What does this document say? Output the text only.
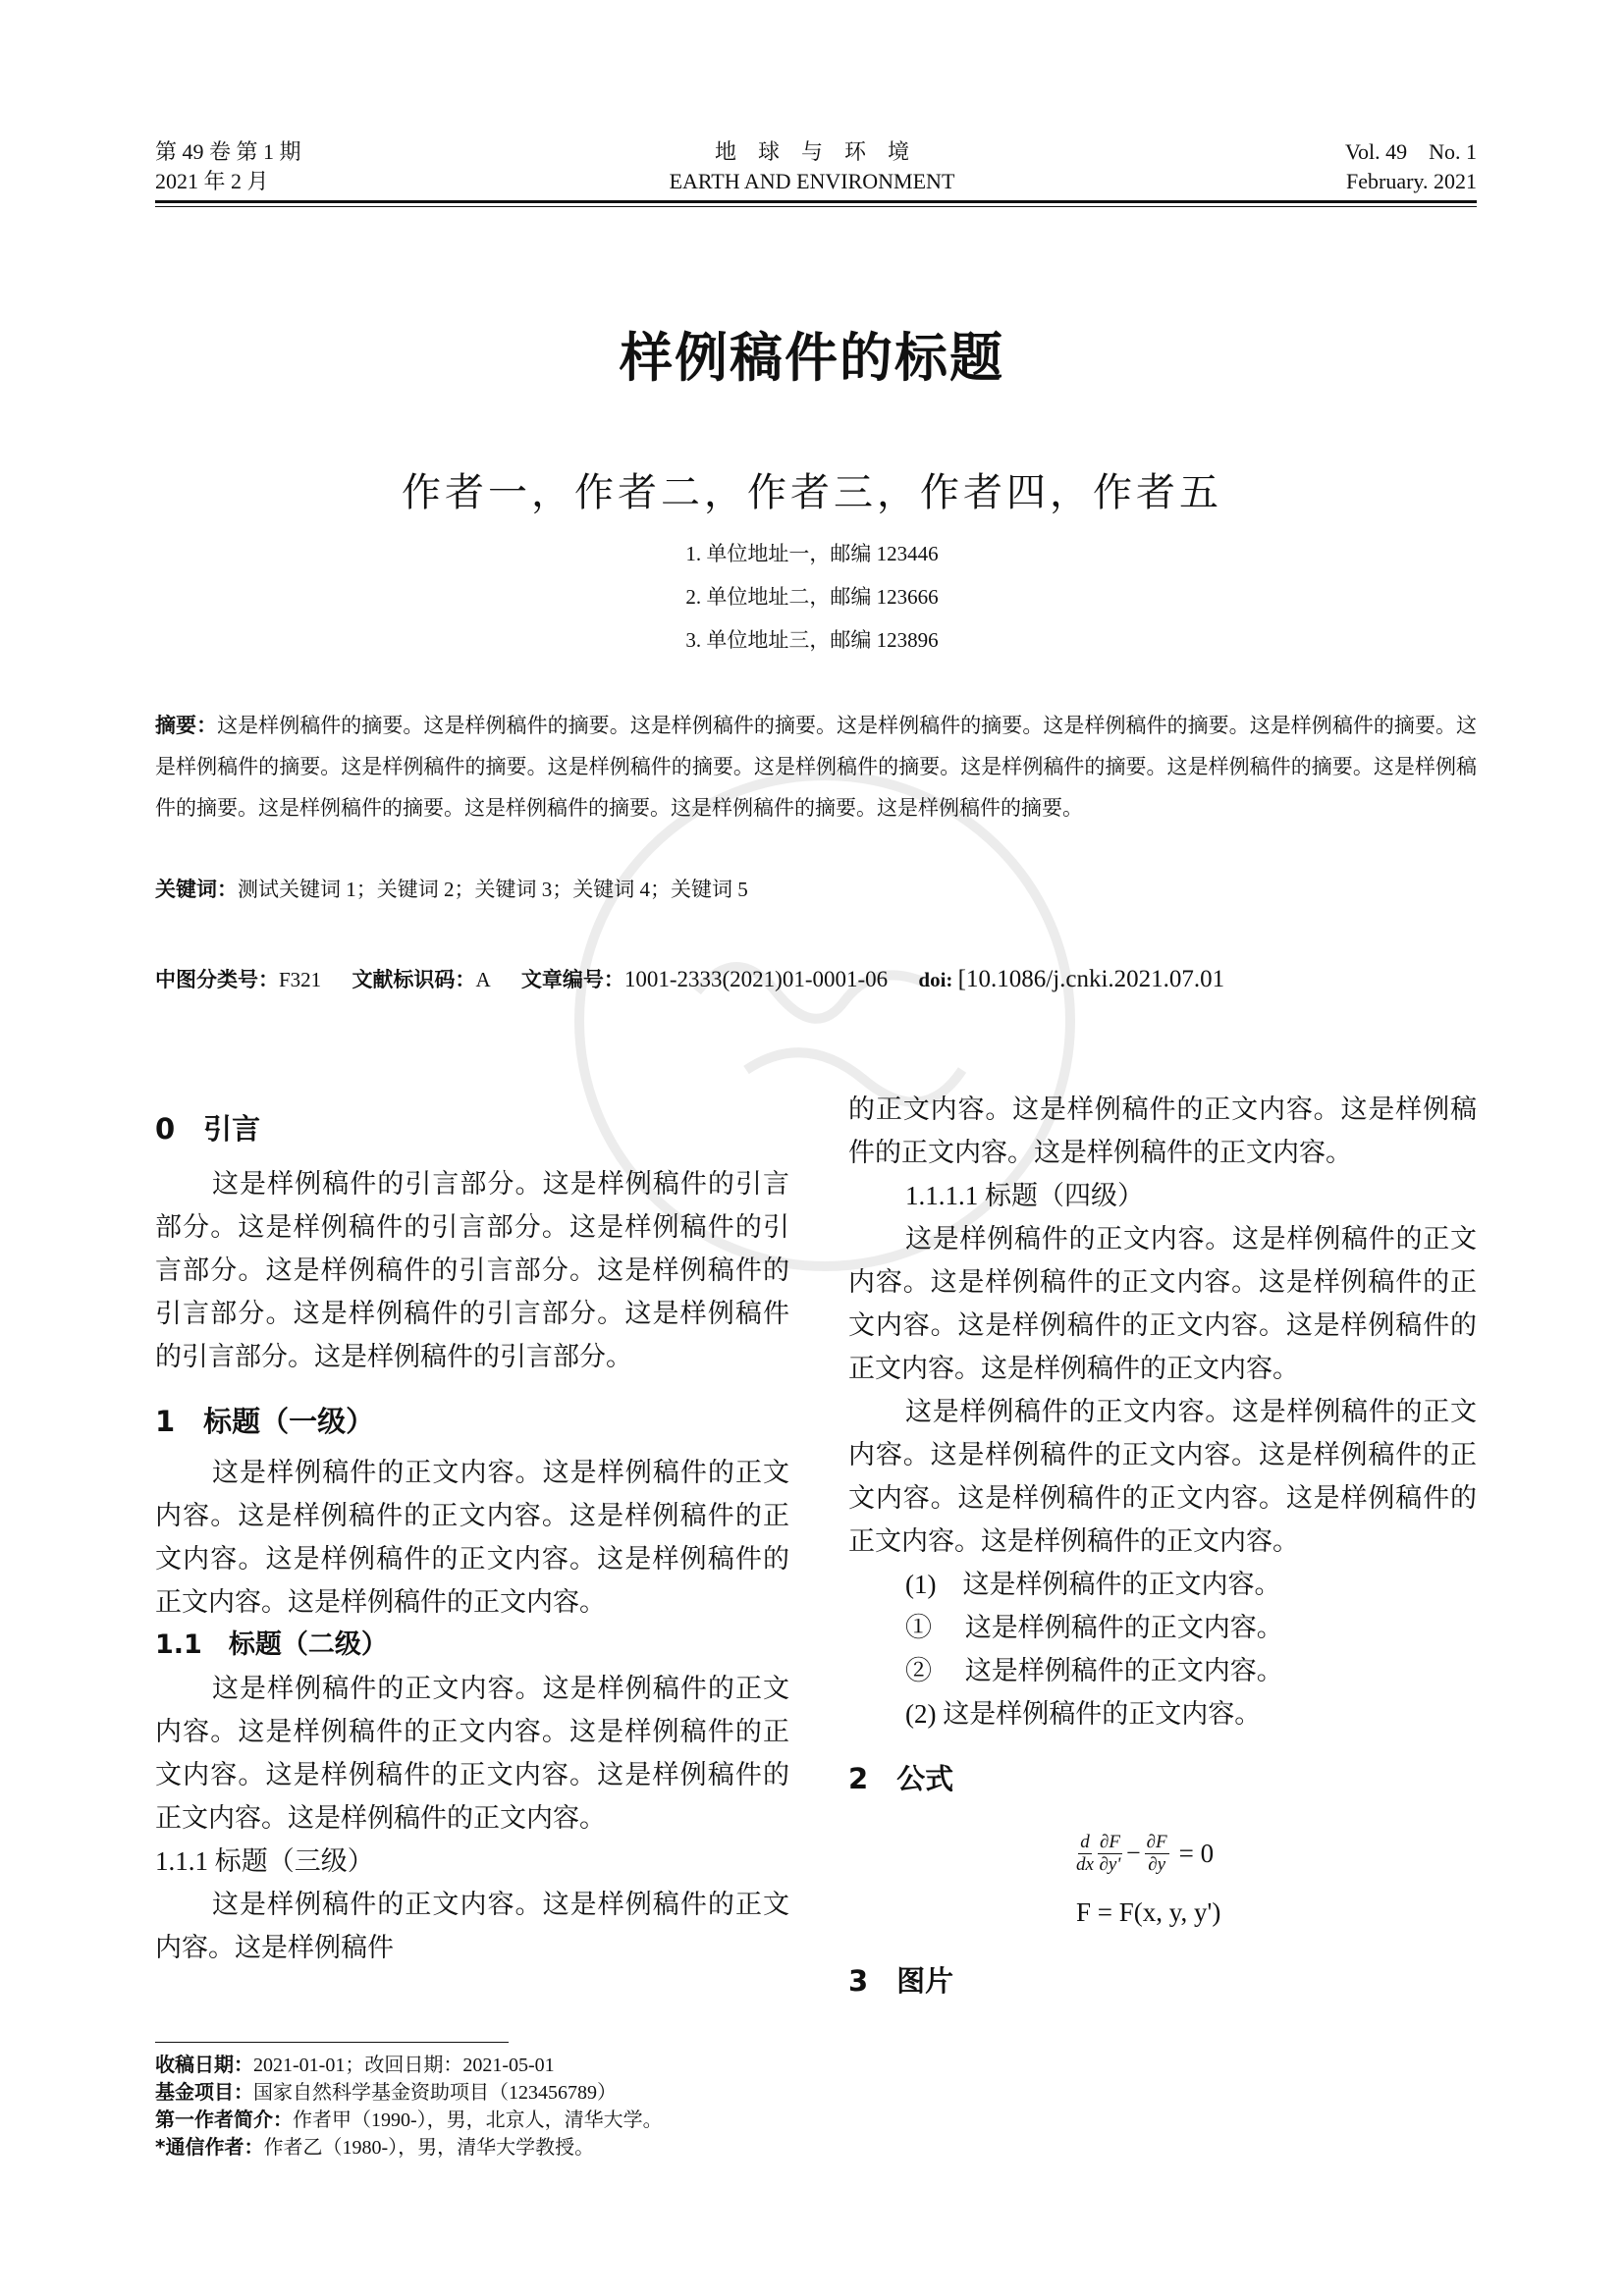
第 49 卷 第 1 期
2021 年 2 月
地　球　与　环　境
EARTH AND ENVIRONMENT
Vol. 49    No. 1
February. 2021
样例稿件的标题
作者一，作者二，作者三，作者四，作者五
1. 单位地址一，邮编 123446
2. 单位地址二，邮编 123666
3. 单位地址三，邮编 123896
摘要：这是样例稿件的摘要。这是样例稿件的摘要。这是样例稿件的摘要。这是样例稿件的摘要。这是样例稿件的摘要。这是样例稿件的摘要。这是样例稿件的摘要。这是样例稿件的摘要。这是样例稿件的摘要。这是样例稿件的摘要。这是样例稿件的摘要。这是样例稿件的摘要。这是样例稿件的摘要。这是样例稿件的摘要。这是样例稿件的摘要。这是样例稿件的摘要。这是样例稿件的摘要。
关键词：测试关键词 1；关键词 2；关键词 3；关键词 4；关键词 5
中图分类号：F321 文献标识码：A 文章编号：1001-2333(2021)01-0001-06 doi: [10.1086/j.cnki.2021.07.01
0　引言

这是样例稿件的引言部分。这是样例稿件的引言部分。这是样例稿件的引言部分。这是样例稿件的引言部分。这是样例稿件的引言部分。这是样例稿件的引言部分。这是样例稿件的引言部分。这是样例稿件的引言部分。这是样例稿件的引言部分。

1　标题（一级）

这是样例稿件的正文内容。这是样例稿件的正文内容。这是样例稿件的正文内容。这是样例稿件的正文内容。这是样例稿件的正文内容。这是样例稿件的正文内容。这是样例稿件的正文内容。

1.1　标题（二级）

这是样例稿件的正文内容。这是样例稿件的正文内容。这是样例稿件的正文内容。这是样例稿件的正文内容。这是样例稿件的正文内容。这是样例稿件的正文内容。这是样例稿件的正文内容。

1.1.1 标题（三级）

这是样例稿件的正文内容。这是样例稿件的正文内容。这是样例稿件

的正文内容。这是样例稿件的正文内容。这是样例稿件的正文内容。这是样例稿件的正文内容。

1.1.1.1 标题（四级）

这是样例稿件的正文内容。这是样例稿件的正文内容。这是样例稿件的正文内容。这是样例稿件的正文内容。这是样例稿件的正文内容。这是样例稿件的正文内容。这是样例稿件的正文内容。

这是样例稿件的正文内容。这是样例稿件的正文内容。这是样例稿件的正文内容。这是样例稿件的正文内容。这是样例稿件的正文内容。这是样例稿件的正文内容。这是样例稿件的正文内容。

(1)　这是样例稿件的正文内容。
①　 这是样例稿件的正文内容。
②　 这是样例稿件的正文内容。
(2) 这是样例稿件的正文内容。
2　公式
$\frac{d}{dx} \frac{\partial F}{\partial y'} - \frac{\partial F}{\partial y} = 0$
F = F(x, y, y')
3　图片
收稿日期：2021-01-01；改回日期：2021-05-01
基金项目：国家自然科学基金资助项目（123456789）
第一作者简介：作者甲（1990-），男，北京人，清华大学。
*通信作者：作者乙（1980-），男，清华大学教授。
